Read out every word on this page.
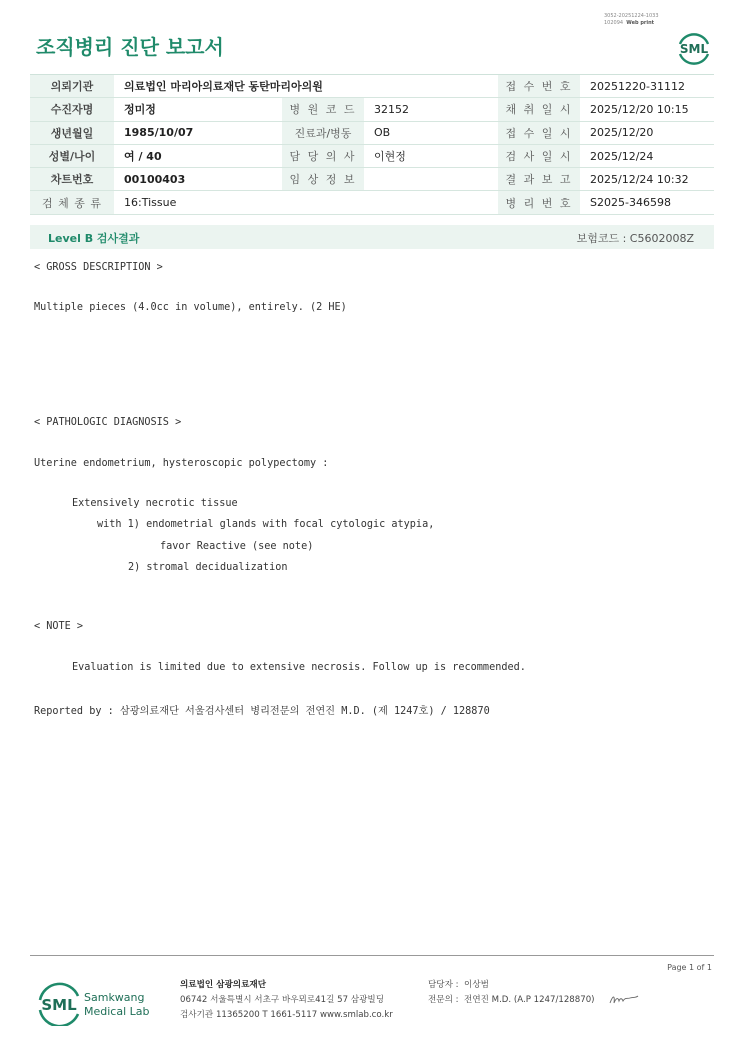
조직병리 진단 보고서
3052-20251224-1033
102094 Web print
SML
의뢰기관	의료법인 마리아의료재단 동탄마리아의원			접 수 번 호	20251220-31112
수진자명	정미정	병 원 코 드	32152	채 취 일 시	2025/12/20 10:15
생년월일	1985/10/07	진료과/병동	OB	접 수 일 시	2025/12/20
성별/나이	여 / 40	담 당 의 사	이현정	검 사 일 시	2025/12/24
차트번호	00100403	임 상 정 보		결 과 보 고	2025/12/24 10:32
검 체 종 류	16:Tissue			병 리 번 호	S2025-346598
Level B 검사결과	보험코드 : C5602008Z
< GROSS DESCRIPTION >
Multiple pieces (4.0cc in volume), entirely. (2 HE)
< PATHOLOGIC DIAGNOSIS >
Uterine endometrium, hysteroscopic polypectomy :
Extensively necrotic tissue
with 1) endometrial glands with focal cytologic atypia,
favor Reactive (see note)
2) stromal decidualization
< NOTE >
Evaluation is limited due to extensive necrosis. Follow up is recommended.
Reported by : 삼광의료재단 서울검사센터 병리전문의 전연진 M.D. (제 1247호) / 128870
Page 1 of 1
SML Samkwang
Medical Lab
의료법인 삼광의료재단
06742 서울특별시 서초구 바우뫼로41길 57 삼광빌딩
검사기관 11365200 T 1661-5117 www.smlab.co.kr
담당자 : 이상범
전문의 : 전연진 M.D. (A.P 1247/128870)
